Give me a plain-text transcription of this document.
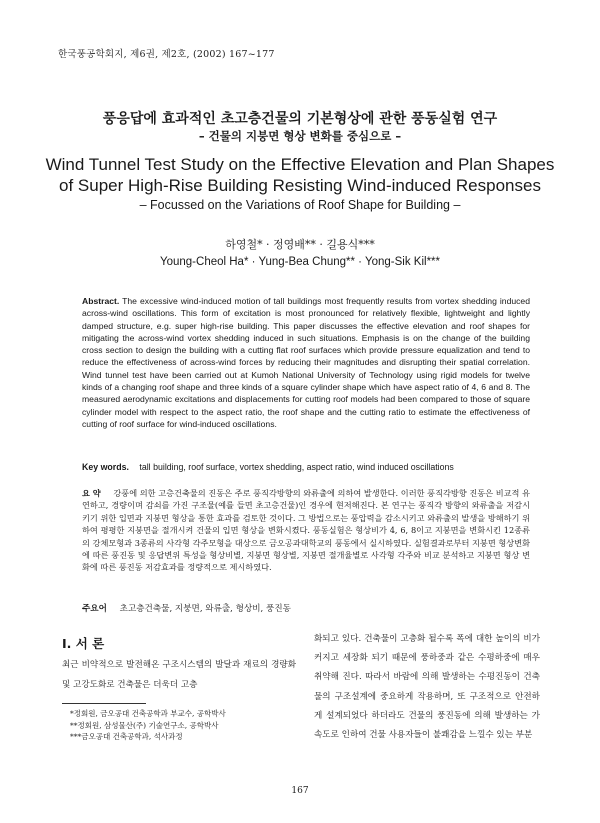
한국풍공학회지, 제6권, 제2호, (2002) 167~177
풍응답에 효과적인 초고층건물의 기본형상에 관한 풍동실험 연구
– 건물의 지붕면 형상 변화를 중심으로 –
Wind Tunnel Test Study on the Effective Elevation and Plan Shapes of Super High-Rise Building Resisting Wind-induced Responses
– Focussed on the Variations of Roof Shape for Building –
하영철* · 정영배** · 길용식***
Young-Cheol Ha* · Yung-Bea Chung** · Yong-Sik Kil***
Abstract. The excessive wind-induced motion of tall buildings most frequently results from vortex shedding induced across-wind oscillations. This form of excitation is most pronounced for relatively flexible, lightweight and lightly damped structure, e.g. super high-rise building. This paper discusses the effective elevation and roof shapes for mitigating the across-wind vortex shedding induced in such situations. Emphasis is on the change of the building cross section to design the building with a cutting flat roof surfaces which provide pressure equalization and tend to reduce the effectiveness of across-wind forces by reducing their magnitudes and disrupting their spatial correlation. Wind tunnel test have been carried out at Kumoh National University of Technology using rigid models for twelve kinds of a changing roof shape and three kinds of a square cylinder shape which have aspect ratio of 4, 6 and 8. The measured aerodynamic excitations and displacements for cutting roof models had been compared to those of square cylinder model with respect to the aspect ratio, the roof shape and the cutting ratio to estimate the effectiveness of cutting of roof surface for wind-induced oscillations.
Key words. tall building, roof surface, vortex shedding, aspect ratio, wind induced oscillations
요 약 강풍에 의한 고층건축물의 진동은 주로 풍직각방향의 와류출에 의하여 발생한다. 이러한 풍직각방향 진동은 비교적 유연하고, 경량이며 감쇠를 가진 구조물(예를 들면 초고층건물)인 경우에 현저해진다. 본 연구는 풍직각 방향의 와류출을 저감시키기 위한 입면과 지붕면 형상을 통한 효과를 검토한 것이다. 그 방법으로는 풍압력을 감소시키고 와류출의 발생을 방해하기 위하여 평평한 지붕면을 절개시켜 건물의 입면 형상을 변화시켰다. 풍동실험은 형상비가 4, 6, 8이고 지붕면을 변화시킨 12종류의 강체모형과 3종류의 사각형 각주모형을 대상으로 금오공과대학교의 풍동에서 실시하였다. 실험결과로부터 지붕면 형상변화에 따른 풍진동 및 응답변위 특성을 형상비별, 지붕면 형상별, 지붕면 절개율별로 사각형 각주와 비교 분석하고 지붕면 형상 변화에 따른 풍진동 저감효과를 정량적으로 제시하였다.
주요어 초고층건축물, 지붕면, 와류출, 형상비, 풍진동
I. 서 론
최근 비약적으로 발전해온 구조시스템의 발달과 재료의 경량화 및 고강도화로 건축물은 더욱더 고층
*정회원, 금오공대 건축공학과 부교수, 공학박사
**정회원, 삼성물산(주) 기술연구소, 공학박사
***금오공대 건축공학과, 석사과정
화되고 있다. 건축물이 고층화 될수록 폭에 대한 높이의 비가 커지고 세장화 되기 때문에 풍하중과 같은 수평하중에 매우 취약해 진다. 따라서 바람에 의해 발생하는 수평진동이 건축물의 구조설계에 중요하게 작용하며, 또 구조적으로 안전하게 설계되었다 하더라도 건물의 풍진동에 의해 발생하는 가속도로 인하여 건물 사용자들이 불쾌감을 느낄수 있는 부분
167
